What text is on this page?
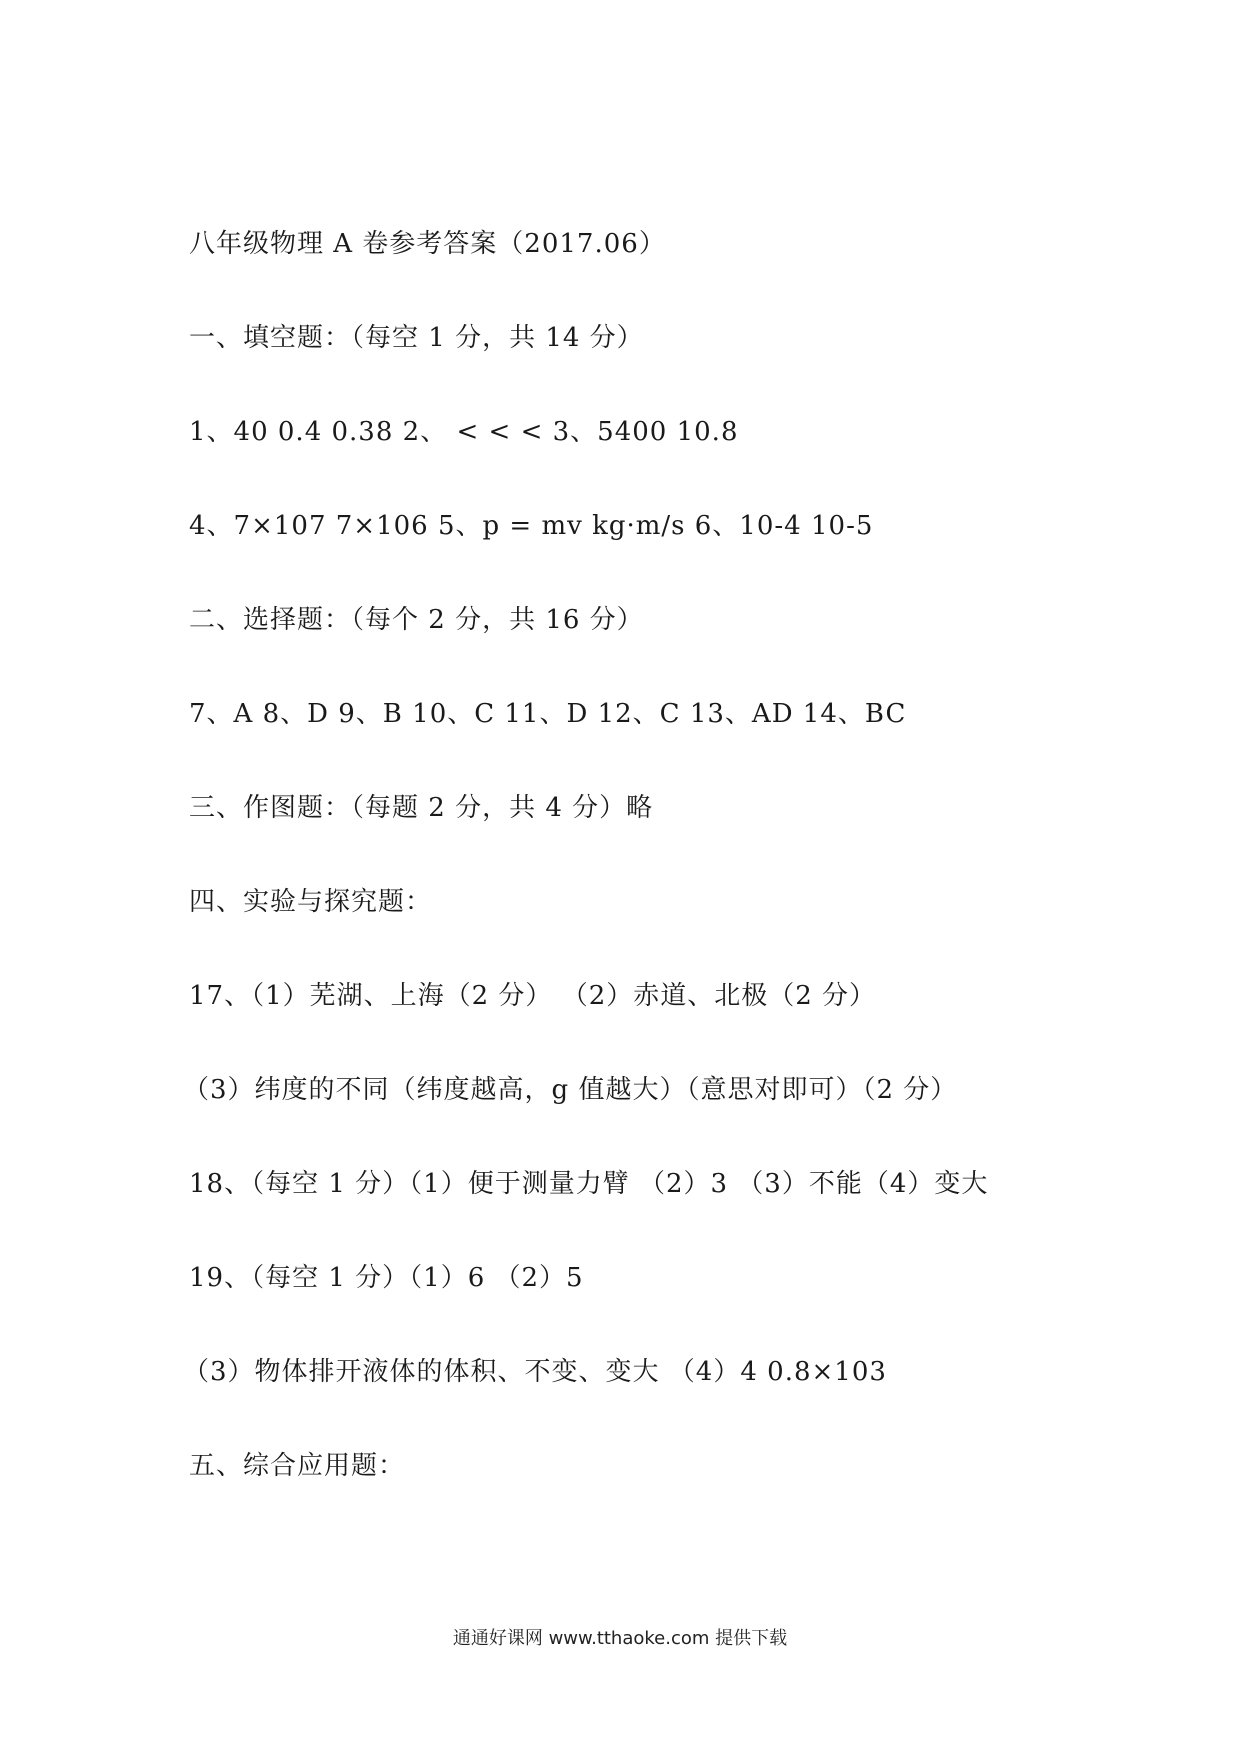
八年级物理 A 卷参考答案（2017.06）
一、填空题：（每空 1 分，共 14 分）
1、40 0.4 0.38 2、 < < < 3、5400 10.8
4、7×107 7×106 5、p = mv kg·m/s 6、10-4 10-5
二、选择题：（每个 2 分，共 16 分）
7、A 8、D 9、B 10、C 11、D 12、C 13、AD 14、BC
三、作图题：（每题 2 分，共 4 分）略
四、实验与探究题：
17、（1）芜湖、上海（2 分） （2）赤道、北极（2 分）
（3）纬度的不同（纬度越高，g 值越大）（意思对即可）（2 分）
18、（每空 1 分）（1）便于测量力臂 （2）3 （3）不能（4）变大
19、（每空 1 分）（1）6 （2）5
（3）物体排开液体的体积、不变、变大 （4）4 0.8×103
五、综合应用题：
通通好课网 www.tthaoke.com 提供下载
